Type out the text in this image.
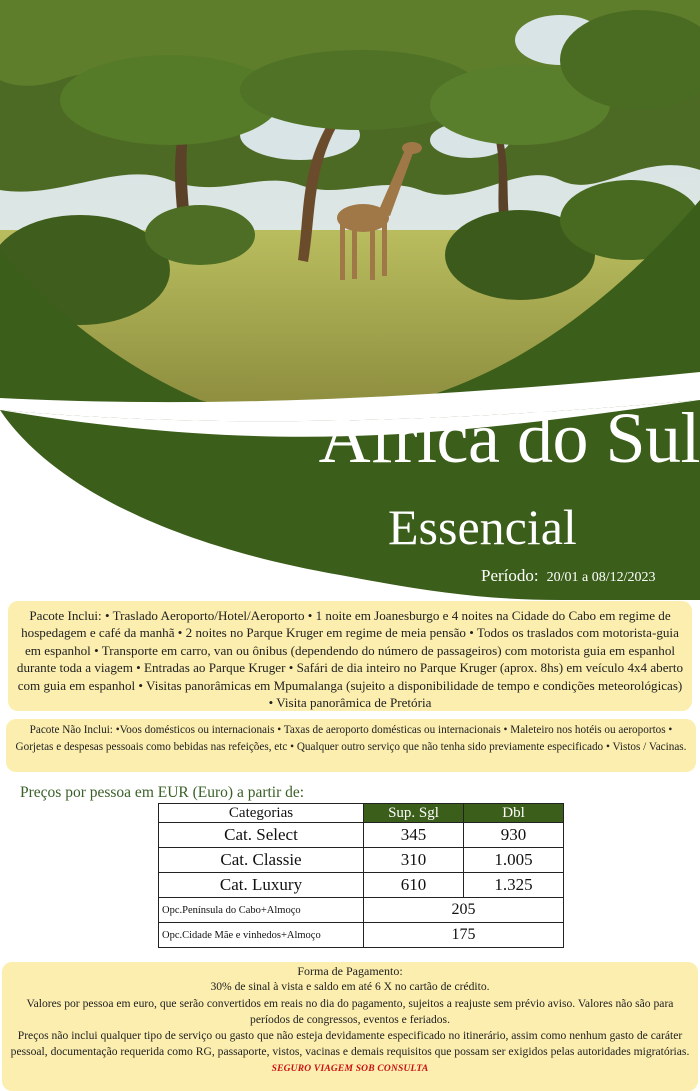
África do Sul
Essencial
Período: 20/01 a 08/12/2023
Pacote Inclui: • Traslado Aeroporto/Hotel/Aeroporto • 1 noite em Joanesburgo e 4 noites na Cidade do Cabo em regime de hospedagem e café da manhã • 2 noites no Parque Kruger em regime de meia pensão • Todos os traslados com motorista-guia em espanhol • Transporte em carro, van ou ônibus (dependendo do número de passageiros) com motorista guia em espanhol durante toda a viagem • Entradas ao Parque Kruger • Safári de dia inteiro no Parque Kruger (aprox. 8hs) em veículo 4x4 aberto com guia em espanhol • Visitas panorâmicas em Mpumalanga (sujeito a disponibilidade de tempo e condições meteorológicas) • Visita panorâmica de Pretória
Pacote Não Inclui: •Voos domésticos ou internacionais • Taxas de aeroporto domésticas ou internacionais • Maleteiro nos hotéis ou aeroportos • Gorjetas e despesas pessoais como bebidas nas refeições, etc • Qualquer outro serviço que não tenha sido previamente especificado • Vistos / Vacinas.
Preços por pessoa em EUR (Euro) a partir de:
Categorias	Sup. Sgl	Dbl
Cat. Select	345	930
Cat. Classie	310	1.005
Cat. Luxury	610	1.325
Opc.Península do Cabo+Almoço	205	
Opc.Cidade Mãe e vinhedos+Almoço	175	
Forma de Pagamento:
30% de sinal à vista e saldo em até 6 X no cartão de crédito.
Valores por pessoa em euro, que serão convertidos em reais no dia do pagamento, sujeitos a reajuste sem prévio aviso. Valores não são para períodos de congressos, eventos e feriados.
Preços não inclui qualquer tipo de serviço ou gasto que não esteja devidamente especificado no itinerário, assim como nenhum gasto de caráter pessoal, documentação requerida como RG, passaporte, vistos, vacinas e demais requisitos que possam ser exigidos pelas autoridades migratórias.
SEGURO VIAGEM SOB CONSULTA
